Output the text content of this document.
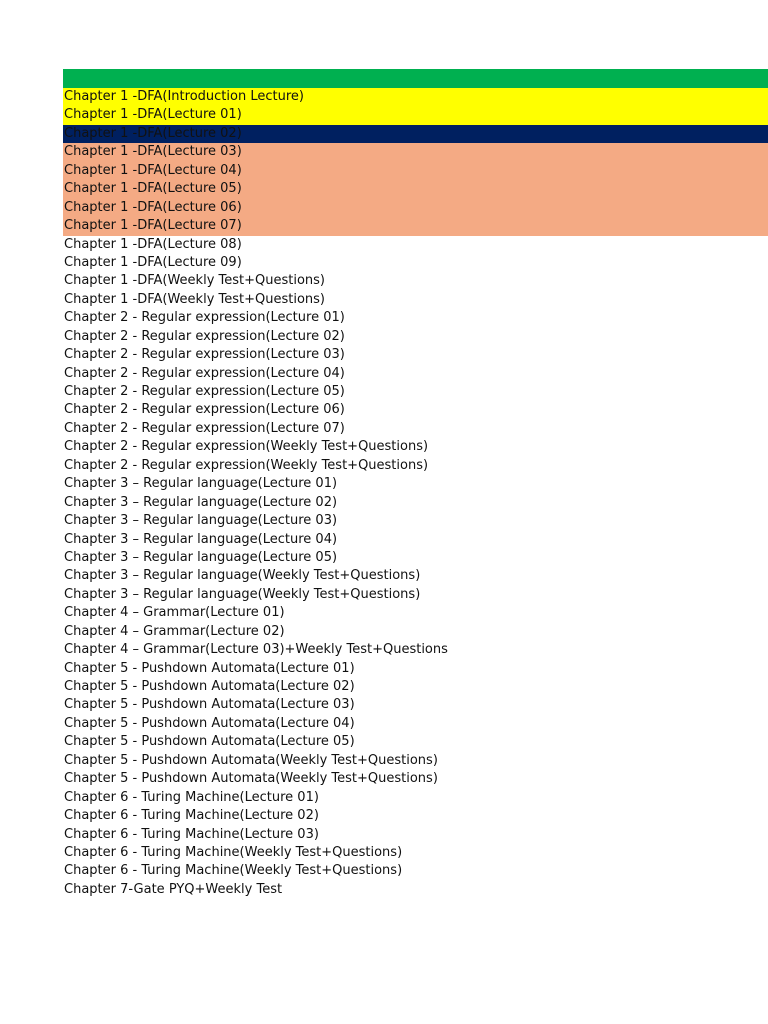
Chapter 1 -DFA(Introduction Lecture)
Chapter 1 -DFA(Lecture 01)
Chapter 1 -DFA(Lecture 02)
Chapter 1 -DFA(Lecture 03)
Chapter 1 -DFA(Lecture 04)
Chapter 1 -DFA(Lecture 05)
Chapter 1 -DFA(Lecture 06)
Chapter 1 -DFA(Lecture 07)
Chapter 1 -DFA(Lecture 08)
Chapter 1 -DFA(Lecture 09)
Chapter 1 -DFA(Weekly Test+Questions)
Chapter 1 -DFA(Weekly Test+Questions)
Chapter 2 - Regular expression(Lecture 01)
Chapter 2 - Regular expression(Lecture 02)
Chapter 2 - Regular expression(Lecture 03)
Chapter 2 - Regular expression(Lecture 04)
Chapter 2 - Regular expression(Lecture 05)
Chapter 2 - Regular expression(Lecture 06)
Chapter 2 - Regular expression(Lecture 07)
Chapter 2 - Regular expression(Weekly Test+Questions)
Chapter 2 - Regular expression(Weekly Test+Questions)
Chapter 3 – Regular language(Lecture 01)
Chapter 3 – Regular language(Lecture 02)
Chapter 3 – Regular language(Lecture 03)
Chapter 3 – Regular language(Lecture 04)
Chapter 3 – Regular language(Lecture 05)
Chapter 3 – Regular language(Weekly Test+Questions)
Chapter 3 – Regular language(Weekly Test+Questions)
Chapter 4 – Grammar(Lecture 01)
Chapter 4 – Grammar(Lecture 02)
Chapter 4 – Grammar(Lecture 03)+Weekly Test+Questions
Chapter 5 - Pushdown Automata(Lecture 01)
Chapter 5 - Pushdown Automata(Lecture 02)
Chapter 5 - Pushdown Automata(Lecture 03)
Chapter 5 - Pushdown Automata(Lecture 04)
Chapter 5 - Pushdown Automata(Lecture 05)
Chapter 5 - Pushdown Automata(Weekly Test+Questions)
Chapter 5 - Pushdown Automata(Weekly Test+Questions)
Chapter 6 - Turing Machine(Lecture 01)
Chapter 6 - Turing Machine(Lecture 02)
Chapter 6 - Turing Machine(Lecture 03)
Chapter 6 - Turing Machine(Weekly Test+Questions)
Chapter 6 - Turing Machine(Weekly Test+Questions)
Chapter 7-Gate PYQ+Weekly Test
